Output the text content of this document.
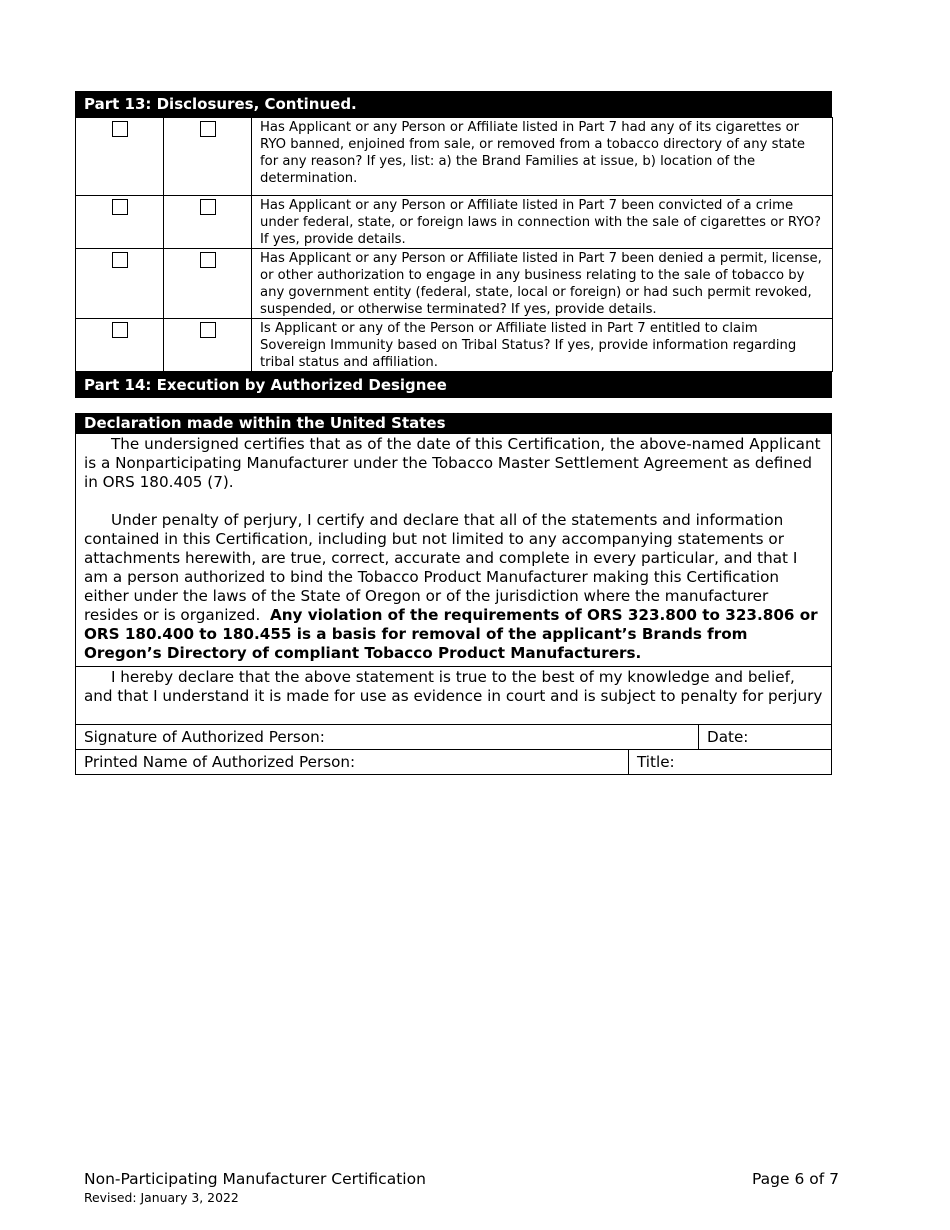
Part 13: Disclosures, Continued.
		Has Applicant or any Person or Affiliate listed in Part 7 had any of its cigarettes or RYO banned, enjoined from sale, or removed from a tobacco directory of any state for any reason? If yes, list: a) the Brand Families at issue, b) location of the determination.
		Has Applicant or any Person or Affiliate listed in Part 7 been convicted of a crime under federal, state, or foreign laws in connection with the sale of cigarettes or RYO? If yes, provide details.
		Has Applicant or any Person or Affiliate listed in Part 7 been denied a permit, license, or other authorization to engage in any business relating to the sale of tobacco by any government entity (federal, state, local or foreign) or had such permit revoked, suspended, or otherwise terminated? If yes, provide details.
		Is Applicant or any of the Person or Affiliate listed in Part 7 entitled to claim Sovereign Immunity based on Tribal Status? If yes, provide information regarding tribal status and affiliation.
Part 14: Execution by Authorized Designee
Declaration made within the United States

The undersigned certifies that as of the date of this Certification, the above-named Applicant is a Nonparticipating Manufacturer under the Tobacco Master Settlement Agreement as defined in ORS 180.405 (7).

Under penalty of perjury, I certify and declare that all of the statements and information contained in this Certification, including but not limited to any accompanying statements or attachments herewith, are true, correct, accurate and complete in every particular, and that I am a person authorized to bind the Tobacco Product Manufacturer making this Certification either under the laws of the State of Oregon or of the jurisdiction where the manufacturer resides or is organized. Any violation of the requirements of ORS 323.800 to 323.806 or ORS 180.400 to 180.455 is a basis for removal of the applicant’s Brands from Oregon’s Directory of compliant Tobacco Product Manufacturers.

I hereby declare that the above statement is true to the best of my knowledge and belief, and that I understand it is made for use as evidence in court and is subject to penalty for perjury

Signature of Authorized Person:	Date:
Printed Name of Authorized Person:	Title:
Non-Participating Manufacturer Certification
Revised: January 3, 2022
Page 6 of 7
